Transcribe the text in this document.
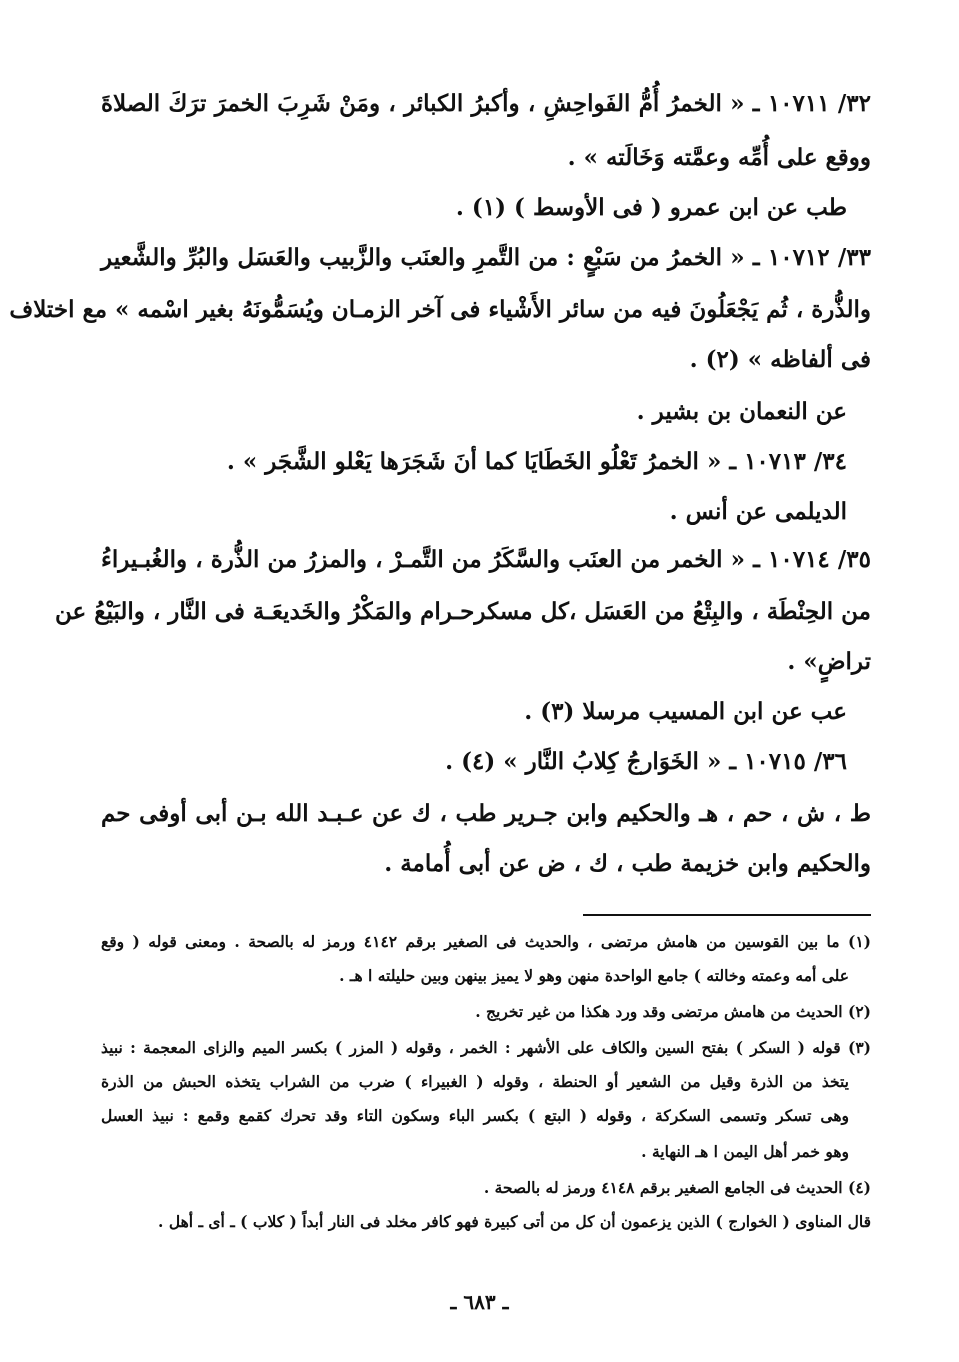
٣٢/ ١٠٧١١ ـ « الخمرُ أُمُّ الفَواحِشِ ، وأكبرُ الكبائر ، ومَنْ شَرِبَ الخمرَ ترَكَ الصلاةَ
ووقع على أُمِّه وعمَّته وَخَالَته » .
طب عن ابن عمرو ( فى الأوسط ) (١) .
٣٣/ ١٠٧١٢ ـ « الخمرُ من سَبْعٍ : من التَّمرِ والعنَب والزَّبيب والعَسَل والبُرِّ والشَّعير
والذُّرة ، ثُم يَجْعَلُونَ فيه من سائر الأَشْياء فى آخر الزمـان ويُسَمُّونَهُ بغير اسْمه » مع اختلاف
فى ألفاظه » (٢) .
عن النعمان بن بشير .
٣٤/ ١٠٧١٣ ـ « الخمرُ تَعْلُو الخَطَايَا كما أنَ شَجَرَها يَعْلو الشَّجَر » .
الديلمى عن أنس .
٣٥/ ١٠٧١٤ ـ « الخمر من العنَب والسَّكَرُ من التَّمـرْ ، والمزرُ من الذُّرة ، والغُبـيراءُ
من الحِنْطَة ، والبِتْعُ من العَسَل ،كل مسكرحـرام والمَكْرُ والخَديعَـة فى النَّار ، والبَيْعُ عن
تراضٍ» .
عب عن ابن المسيب مرسلا (٣) .
٣٦/ ١٠٧١٥ ـ « الخَوَارجُ كِلابُ النَّار » (٤) .
ط ، ش ، حم ، هـ والحكيم وابن جـرير طب ، ك عن عـبـد الله بـن أبى أوفى حم
والحكيم وابن خزيمة طب ، ك ، ض عن أبى أُمامة .
(١) ما بين القوسين من هامش مرتضى ، والحديث فى الصغير برقم ٤١٤٢ ورمز له بالصحة . ومعنى قوله ( وقع
على أمه وعمته وخالته ) جامع الواحدة منهن وهو لا يميز بينهن وبين حليلته ا هـ .
(٢) الحديث من هامش مرتضى وقد ورد هكذا من غير تخريج .
(٣) قوله ( السكر ) بفتح السين والكاف على الأشهر : الخمر ، وقوله ( المزر ) بكسر الميم والزاى المعجمة : نبيذ
يتخذ من الذرة وقيل من الشعير أو الحنطة ، وقوله ( الغبيراء ) ضرب من الشراب يتخذه الحبش من الذرة
وهى تسكر وتسمى السكركة ، وقوله ( البتع ) بكسر الباء وسكون التاء وقد تحرك كقمع وقمع : نبيذ العسل
وهو خمر أهل اليمن ا هـ النهاية .
(٤) الحديث فى الجامع الصغير برقم ٤١٤٨ ورمز له بالصحة .
قال المناوى ( الخوارج ) الذين يزعمون أن كل من أتى كبيرة فهو كافر مخلد فى النار أبداً ( كلاب ) ـ أى ـ أهل .
ـ ٦٨٣ ـ
